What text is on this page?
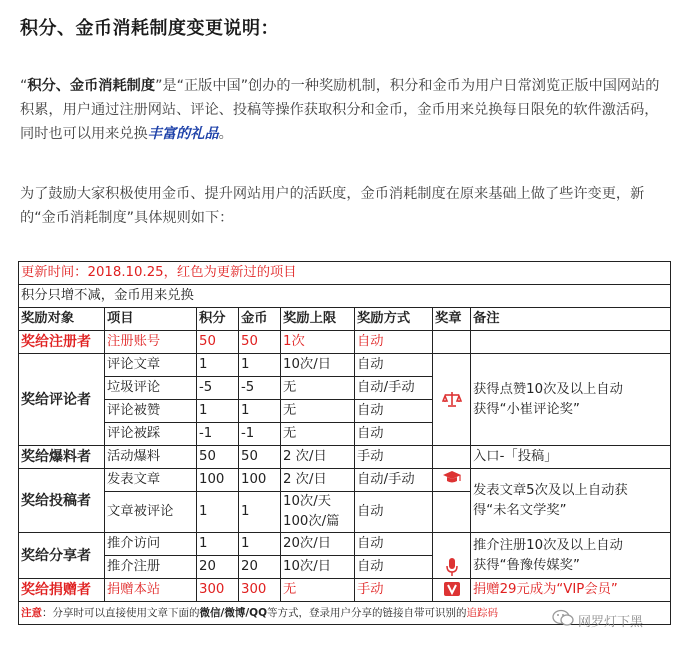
积分、金币消耗制度变更说明：
“积分、金币消耗制度”是“正版中国”创办的一种奖励机制，积分和金币为用户日常浏览正版中国网站的积累，用户通过注册网站、评论、投稿等操作获取积分和金币，金币用来兑换每日限免的软件激活码，同时也可以用来兑换丰富的礼品。
为了鼓励大家积极使用金币、提升网站用户的活跃度，金币消耗制度在原来基础上做了些许变更，新的“金币消耗制度”具体规则如下：
更新时间：2018.10.25，红色为更新过的项目							
积分只增不减，金币用来兑换							
奖励对象	项目	积分	金币	奖励上限	奖励方式	奖章	备注
奖给注册者	注册账号	50	50	1次	自动		
奖给评论者	评论文章	1	1	10次/日	自动		获得点赞10次及以上自动
获得“小崔评论奖”

	垃圾评论	-5	-5	无	自动/手动		
	评论被赞	1	1	无	自动		
	评论被踩	-1	-1	无	自动		
奖给爆料者	活动爆料	50	50	2 次/日	手动		入口-「投稿」
奖给投稿者	发表文章	100	100	2 次/日	自动/手动		发表文章5次及以上自动获
得“未名文学奖”

	文章被评论	1	1	10次/天
100次/篇	自动		
奖给分享者	推介访问	1	1	20次/日	自动		推介注册10次及以上自动
获得“鲁豫传媒奖”

	推介注册	20	20	10次/日	自动		
奖给捐赠者	捐赠本站	300	300	无	手动		捐赠29元成为“VIP会员”
注意：分享时可以直接使用文章下面的微信/微博/QQ等方式，登录用户分享的链接自带可识别的追踪码							
网罗灯下黑
